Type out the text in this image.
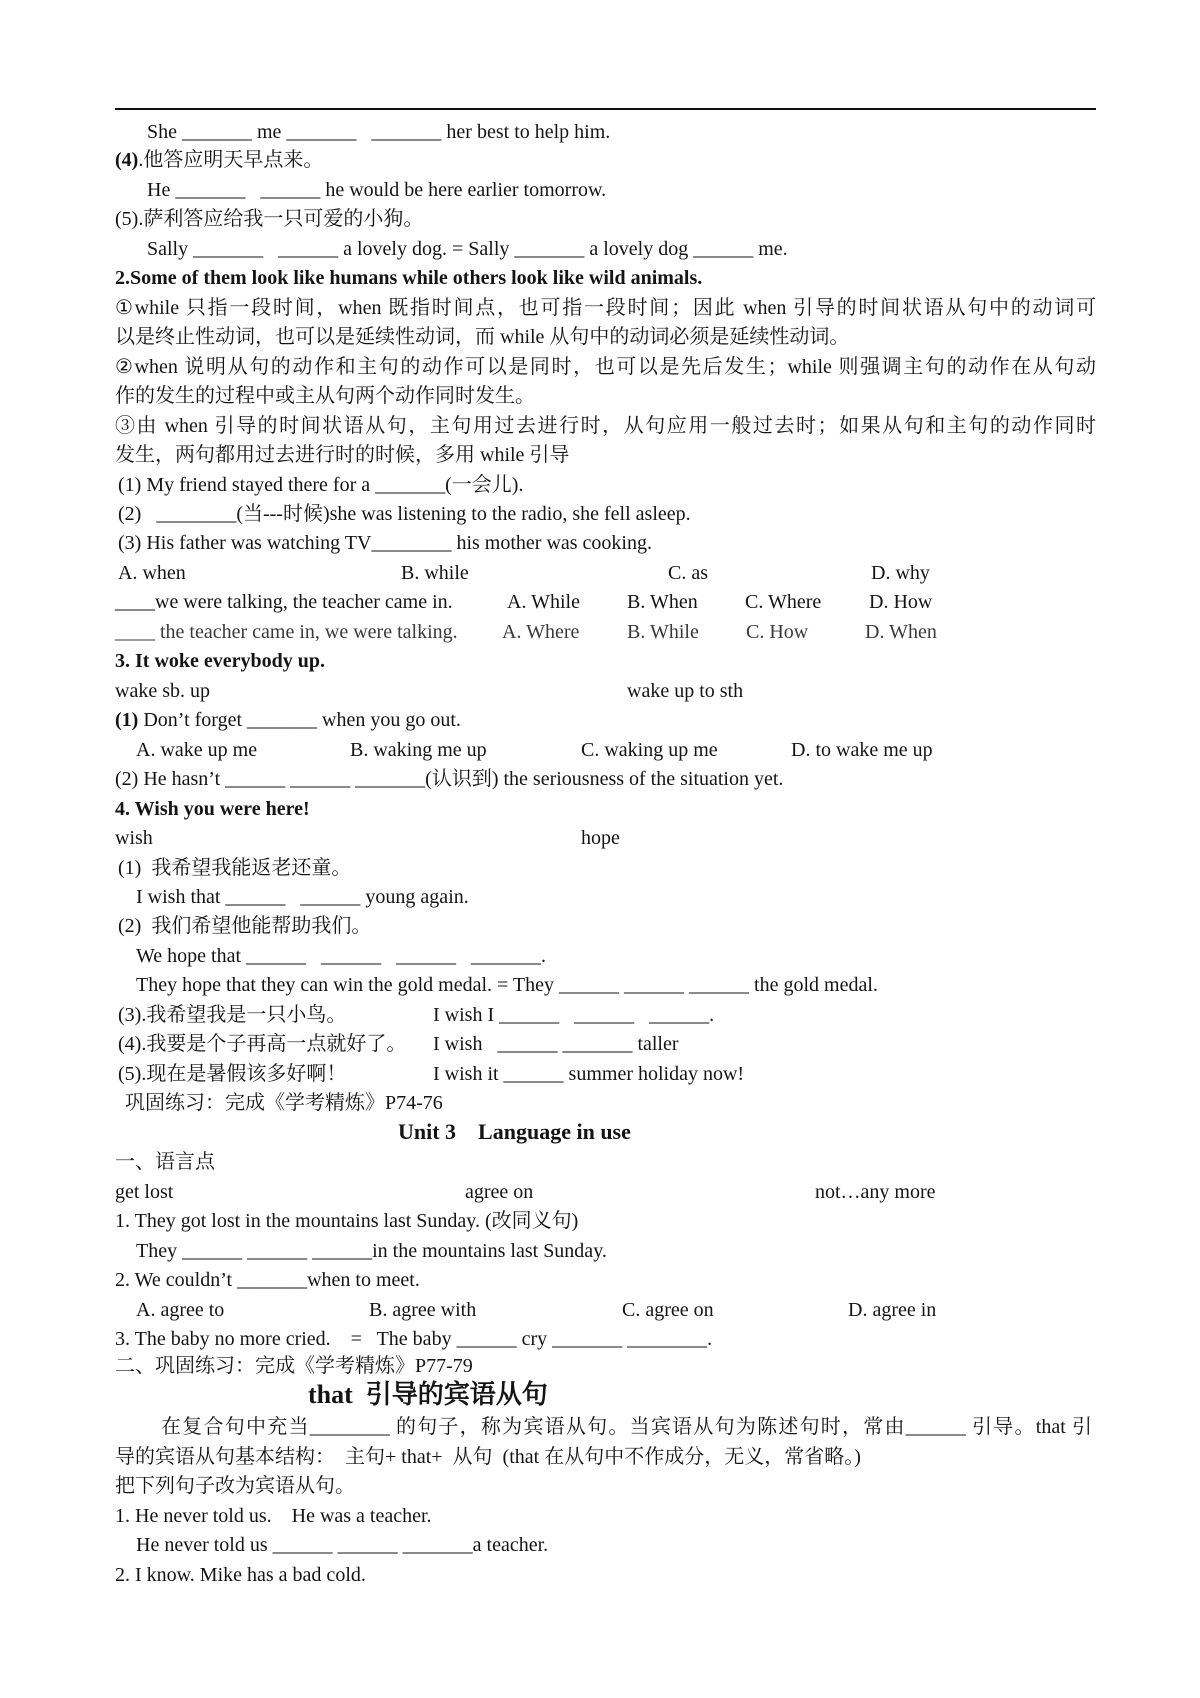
She _______ me _______   _______ her best to help him.
(4).他答应明天早点来。
He _______   ______ he would be here earlier tomorrow.
(5).萨利答应给我一只可爱的小狗。
Sally _______   ______ a lovely dog. = Sally _______ a lovely dog ______ me.
2.Some of them look like humans while others look like wild animals.
①while 只指一段时间，when 既指时间点，也可指一段时间；因此 when 引导的时间状语从句中的动词可
以是终止性动词，也可以是延续性动词，而 while 从句中的动词必须是延续性动词。
②when 说明从句的动作和主句的动作可以是同时，也可以是先后发生；while 则强调主句的动作在从句动
作的发生的过程中或主从句两个动作同时发生。
③由 when 引导的时间状语从句，主句用过去进行时，从句应用一般过去时；如果从句和主句的动作同时
发生，两句都用过去进行时的时候，多用 while 引导
(1) My friend stayed there for a _______(一会儿).
(2)   ________(当---时候)she was listening to the radio, she fell asleep.
(3) His father was watching TV________ his mother was cooking.
A. when	B. while	C. as	D. why
____we were talking, the teacher came in.	A. While B. When C. Where D. How
____ the teacher came in, we were talking. A. Where B. While C. How	D. When
3. It woke everybody up.
wake sb. up	wake up to sth
(1) Don’t forget _______ when you go out.
A. wake up me	B. waking me up	C. waking up me	D. to wake me up
(2) He hasn’t ______ ______ _______(认识到) the seriousness of the situation yet.
4. Wish you were here!
wish	hope
(1)  我希望我能返老还童。
I wish that ______   ______ young again.
(2)  我们希望他能帮助我们。
We hope that ______   ______   ______   _______.
They hope that they can win the gold medal. = They ______ ______ ______ the gold medal.
(3).我希望我是一只小鸟。	I wish I ______   ______   ______.
(4).我要是个子再高一点就好了。 I wish   ______ _______ taller
(5).现在是暑假该多好啊！	I wish it ______ summer holiday now!
巩固练习：完成《学考精炼》P74-76
Unit 3    Language in use
一、语言点
get lost	agree on	not…any more
1. They got lost in the mountains last Sunday. (改同义句)
They ______ ______ ______in the mountains last Sunday.
2. We couldn’t _______when to meet.
A. agree to	B. agree with	C. agree on	D. agree in
3. The baby no more cried.    =   The baby ______ cry _______ ________.
二、巩固练习：完成《学考精炼》P77-79
that  引导的宾语从句
在复合句中充当________ 的句子，称为宾语从句。当宾语从句为陈述句时，常由______ 引导。that 引
导的宾语从句基本结构：  主句+ that+  从句  (that 在从句中不作成分，无义，常省略。)
把下列句子改为宾语从句。
1. He never told us.    He was a teacher.
He never told us ______ ______ _______a teacher.
2. I know. Mike has a bad cold.
